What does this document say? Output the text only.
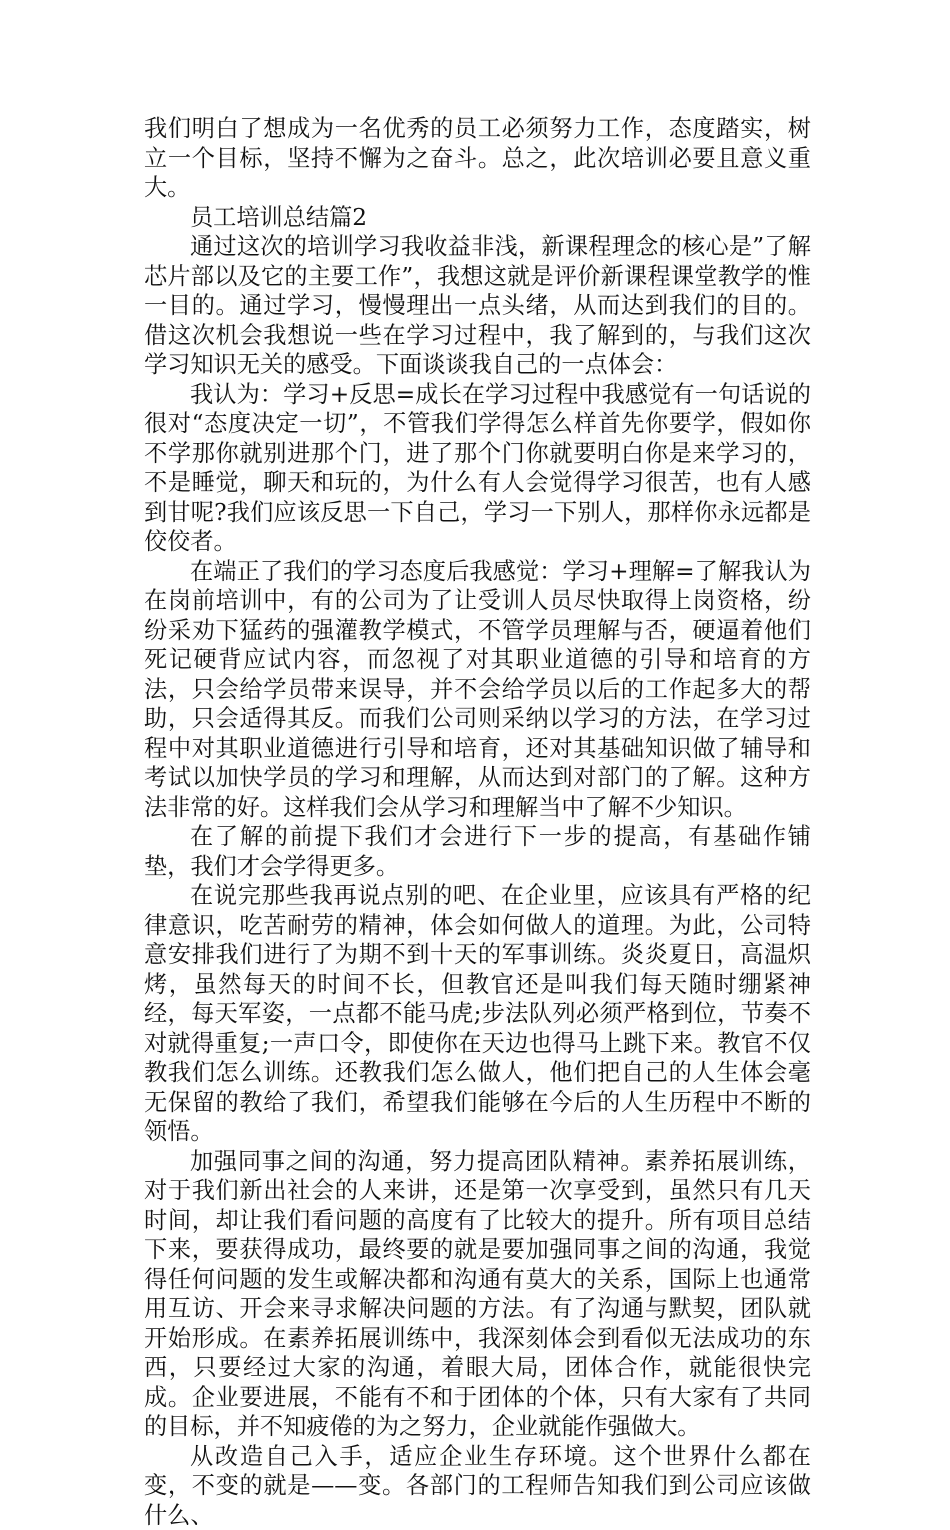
我们明白了想成为一名优秀的员工必须努力工作，态度踏实，树立一个目标，坚持不懈为之奋斗。总之，此次培训必要且意义重大。

员工培训总结篇2

通过这次的培训学习我收益非浅，新课程理念的核心是”了解芯片部以及它的主要工作”，我想这就是评价新课程课堂教学的惟一目的。通过学习，慢慢理出一点头绪，从而达到我们的目的。借这次机会我想说一些在学习过程中，我了解到的，与我们这次学习知识无关的感受。下面谈谈我自己的一点体会：

我认为：学习+反思=成长在学习过程中我感觉有一句话说的很对“态度决定一切”，不管我们学得怎么样首先你要学，假如你不学那你就别进那个门，进了那个门你就要明白你是来学习的，不是睡觉，聊天和玩的，为什么有人会觉得学习很苦，也有人感到甘呢?我们应该反思一下自己，学习一下别人，那样你永远都是佼佼者。

在端正了我们的学习态度后我感觉：学习+理解=了解我认为在岗前培训中，有的公司为了让受训人员尽快取得上岗资格，纷纷采劝下猛药的强灌教学模式，不管学员理解与否，硬逼着他们死记硬背应试内容，而忽视了对其职业道德的引导和培育的方法，只会给学员带来误导，并不会给学员以后的工作起多大的帮助，只会适得其反。而我们公司则采纳以学习的方法，在学习过程中对其职业道德进行引导和培育，还对其基础知识做了辅导和考试以加快学员的学习和理解，从而达到对部门的了解。这种方法非常的好。这样我们会从学习和理解当中了解不少知识。

在了解的前提下我们才会进行下一步的提高，有基础作铺垫，我们才会学得更多。

在说完那些我再说点别的吧、在企业里，应该具有严格的纪律意识，吃苦耐劳的精神，体会如何做人的道理。为此，公司特意安排我们进行了为期不到十天的军事训练。炎炎夏日，高温炽烤，虽然每天的时间不长，但教官还是叫我们每天随时绷紧神经，每天军姿，一点都不能马虎;步法队列必须严格到位，节奏不对就得重复;一声口令，即使你在天边也得马上跳下来。教官不仅教我们怎么训练。还教我们怎么做人，他们把自己的人生体会毫无保留的教给了我们，希望我们能够在今后的人生历程中不断的领悟。

加强同事之间的沟通，努力提高团队精神。素养拓展训练，对于我们新出社会的人来讲，还是第一次享受到，虽然只有几天时间，却让我们看问题的高度有了比较大的提升。所有项目总结下来，要获得成功，最终要的就是要加强同事之间的沟通，我觉得任何问题的发生或解决都和沟通有莫大的关系，国际上也通常用互访、开会来寻求解决问题的方法。有了沟通与默契，团队就开始形成。在素养拓展训练中，我深刻体会到看似无法成功的东西，只要经过大家的沟通，着眼大局，团体合作，就能很快完成。企业要进展，不能有不和于团体的个体，只有大家有了共同的目标，并不知疲倦的为之努力，企业就能作强做大。

从改造自己入手，适应企业生存环境。这个世界什么都在变，不变的就是——变。各部门的工程师告知我们到公司应该做什么、
